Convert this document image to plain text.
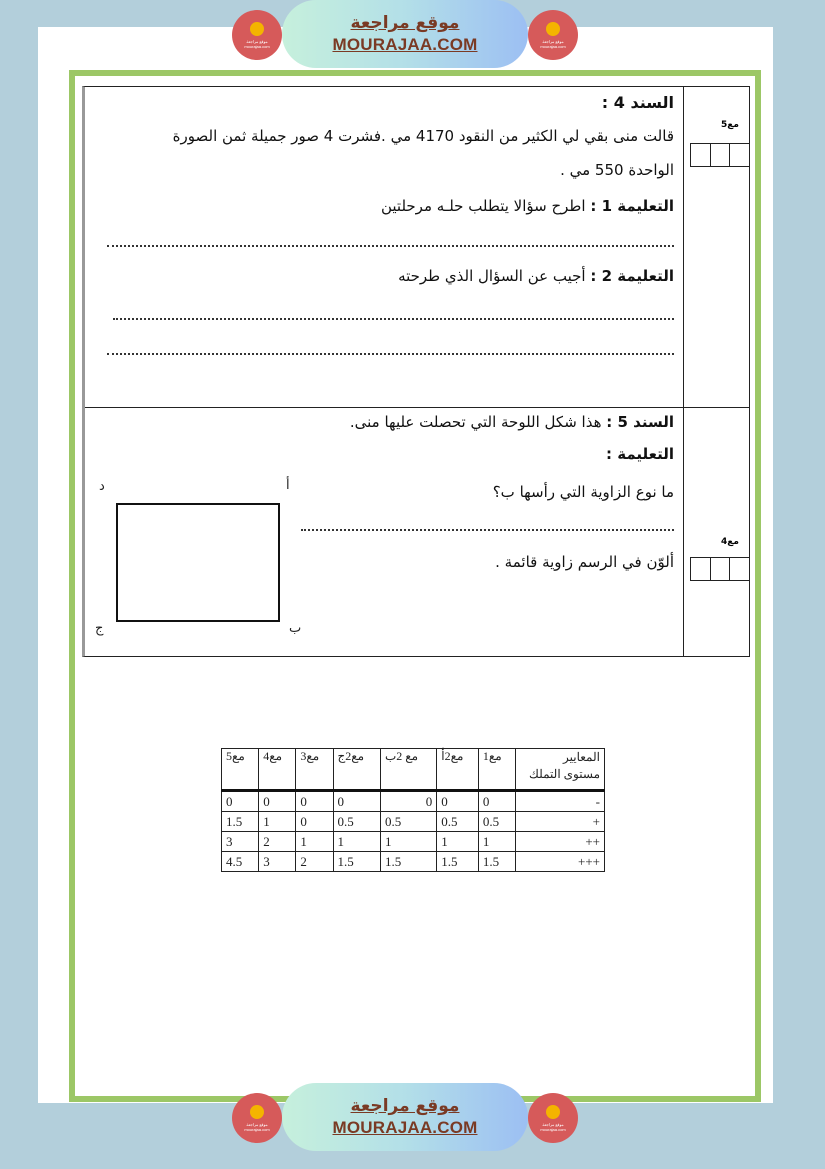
موقع مراجعة
mourajaa.com
موقع مراجعة
MOURAJAA.COM	موقع مراجعة
mourajaa.com
السند 4 :
قالت منى بقي لي الكثير من النقود 4170 مي .فشرت 4 صور جميلة ثمن الصورة
الواحدة 550 مي .
التعليمة 1 : اطرح سؤالا يتطلب حلـه مرحلتين
التعليمة 2 : أجيب عن السؤال الذي طرحته
مع5
السند 5 : هذا شكل اللوحة التي تحصلت عليها منى.
التعليمة :
ما نوع الزاوية التي رأسها ب؟
ألوّن في الرسم زاوية قائمة .
أ
د
ب
ج
مع4
المعايير
مستوى التملك	مع1	مع2أ	مع 2ب	مع2ج	مع3	مع4	مع5
-	0	0	0	0	0	0	0
+	0.5	0.5	0.5	0.5	0	1	1.5
++	1	1	1	1	1	2	3
+++	1.5	1.5	1.5	1.5	2	3	4.5
موقع مراجعة
mourajaa.com
موقع مراجعة
MOURAJAA.COM	موقع مراجعة
mourajaa.com
